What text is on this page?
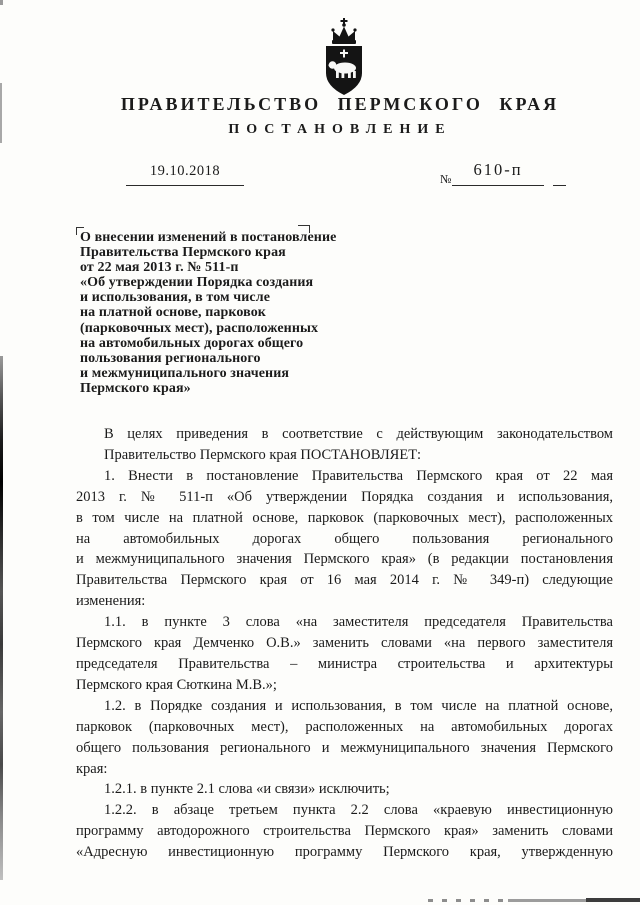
ПРАВИТЕЛЬСТВО ПЕРМСКОГО КРАЯ
ПОСТАНОВЛЕНИЕ
19.10.2018	№	610-п
О внесении изменений в постановление
Правительства Пермского края
от 22 мая 2013 г. № 511-п
«Об утверждении Порядка создания
и использования, в том числе
на платной основе, парковок
(парковочных мест), расположенных
на автомобильных дорогах общего
пользования регионального
и межмуниципального значения
Пермского края»
В целях приведения в соответствие с действующим законодательством
Правительство Пермского края ПОСТАНОВЛЯЕТ:
1. Внести в постановление Правительства Пермского края от 22 мая
2013 г. № 511-п «Об утверждении Порядка создания и использования,
в том числе на платной основе, парковок (парковочных мест), расположенных
на автомобильных дорогах общего пользования регионального
и межмуниципального значения Пермского края» (в редакции постановления
Правительства Пермского края от 16 мая 2014 г. № 349-п) следующие
изменения:
1.1. в пункте 3 слова «на заместителя председателя Правительства
Пермского края Демченко О.В.» заменить словами «на первого заместителя
председателя Правительства – министра строительства и архитектуры
Пермского края Сюткина М.В.»;
1.2. в Порядке создания и использования, в том числе на платной основе,
парковок (парковочных мест), расположенных на автомобильных дорогах
общего пользования регионального и межмуниципального значения Пермского
края:
1.2.1. в пункте 2.1 слова «и связи» исключить;
1.2.2. в абзаце третьем пункта 2.2 слова «краевую инвестиционную
программу автодорожного строительства Пермского края» заменить словами
«Адресную инвестиционную программу Пермского края, утвержденную
